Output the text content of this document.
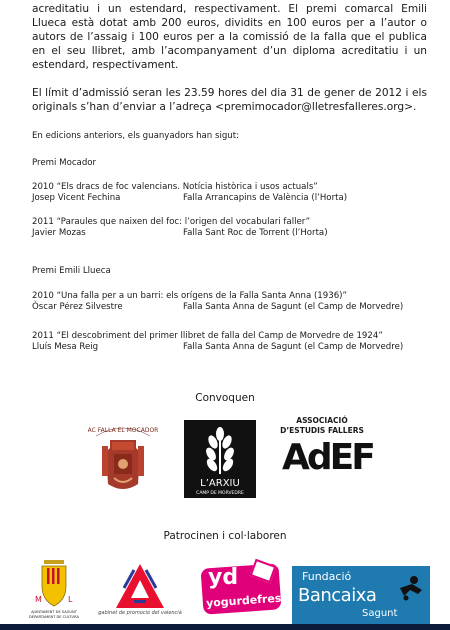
acreditatiu i un estendard, respectivament. El premi comarcal Emili Llueca està dotat amb 200 euros, dividits en 100 euros per a l’autor o autors de l’assaig i 100 euros per a la comissió de la falla que el publica en el seu llibret, amb l’acompanyament d’un diploma acreditatiu i un estendard, respectivament.
El límit d’admissió seran les 23.59 hores del dia 31 de gener de 2012 i els originals s’han d’enviar a l’adreça <premimocador@lletresfalleres.org>.
En edicions anteriors, els guanyadors han sigut:
Premi Mocador
2010 “Els dracs de foc valencians. Notícia històrica i usos actuals”
Josep Vicent Fechina	Falla Arrancapins de València (l’Horta)
2011 “Paraules que naixen del foc: l’origen del vocabulari faller”
Javier Mozas	Falla Sant Roc de Torrent (l’Horta)
Premi Emili Llueca
2010 “Una falla per a un barri: els orígens de la Falla Santa Anna (1936)”
Òscar Pérez Silvestre	Falla Santa Anna de Sagunt (el Camp de Morvedre)
2011 “El descobriment del primer llibret de falla del Camp de Morvedre de 1924”
Lluís Mesa Reig	Falla Santa Anna de Sagunt (el Camp de Morvedre)
Convoquen
AC FALLA EL MOCADOR
L’ARXIU
CAMP DE MORVEDRE
ASSOCIACIÓ D’ESTUDIS FALLERS
AdEF
Patrocinen i col·laboren
M	L
AJUNTAMENT DE SAGUNT DEPARTAMENT DE CULTURA
gabinet de promoció del valencià
yd
yogurdefresa
Fundació
Bancaixa
Sagunt
